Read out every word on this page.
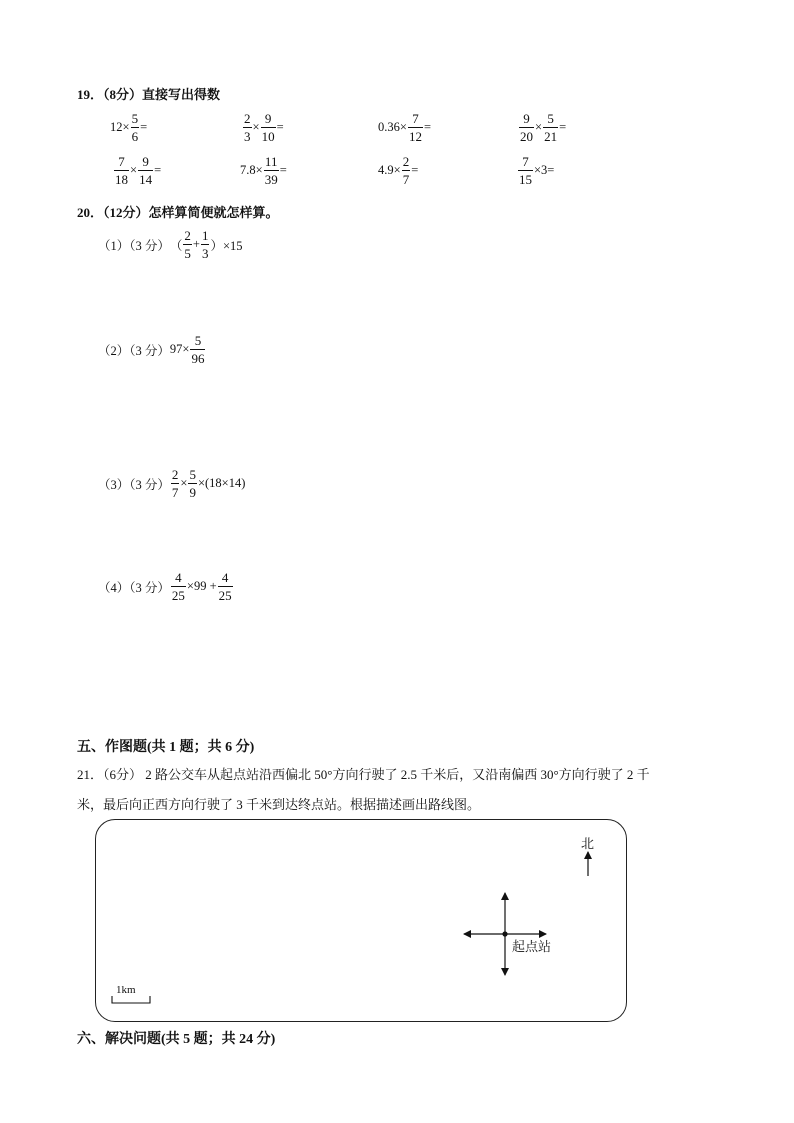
19．（8分）直接写出得数
$12\times \frac{5}{6}$ =	$\frac{2}{3} \times \frac{9}{10}$ =	$0.36\times \frac{7}{12}$ =	$\frac{9}{20} \times \frac{5}{21}$ =
$\frac{7}{18} \times \frac{9}{14}$ =	$7.8\times \frac{11}{39}$ =	$4.9\times \frac{2}{7}$ =	$\frac{7}{15} \times 3=$
20．（12分）怎样算简便就怎样算。
（1）（3 分） （ $\frac{2}{5} + \frac{1}{3} )\times 15$
（2）（3 分） $97\times \frac{5}{96}$
（3）（3 分） $\frac{2}{7} \times \frac{5}{9} \times(18\times 14)$
（4）（3 分） $\frac{4}{25} \times 99 + \frac{4}{25}$
五、作图题(共 1 题；共 6 分)
21．（6分） 2 路公交车从起点站沿西偏北 50°方向行驶了 2.5 千米后，又沿南偏西 30°方向行驶了 2 千
米，最后向正西方向行驶了 3 千米到达终点站。根据描述画出路线图。
北
起点站
1km
六、解决问题(共 5 题；共 24 分)
